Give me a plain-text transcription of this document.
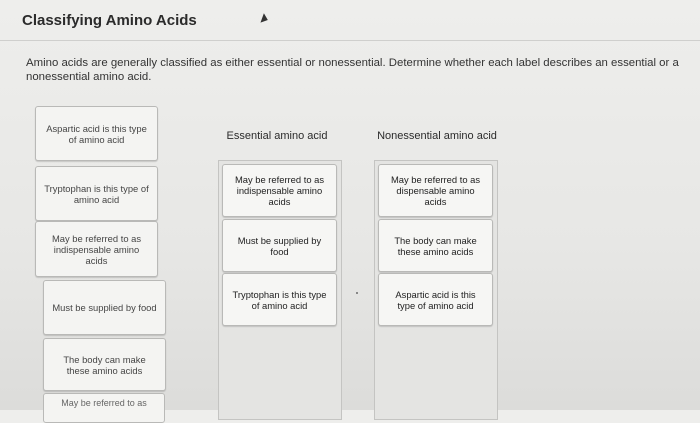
Classifying Amino Acids
Amino acids are generally classified as either essential or nonessential. Determine whether each label describes an essential or a nonessential amino acid.
Aspartic acid is this type of amino acid
Tryptophan is this type of amino acid
May be referred to as indispensable amino acids
Must be supplied by food
The body can make these amino acids
May be referred to as
Essential amino acid	Nonessential amino acid
May be referred to as indispensable amino acids
Must be supplied by food
Tryptophan is this type of amino acid
May be referred to as dispensable amino acids
The body can make these amino acids
Aspartic acid is this type of amino acid
